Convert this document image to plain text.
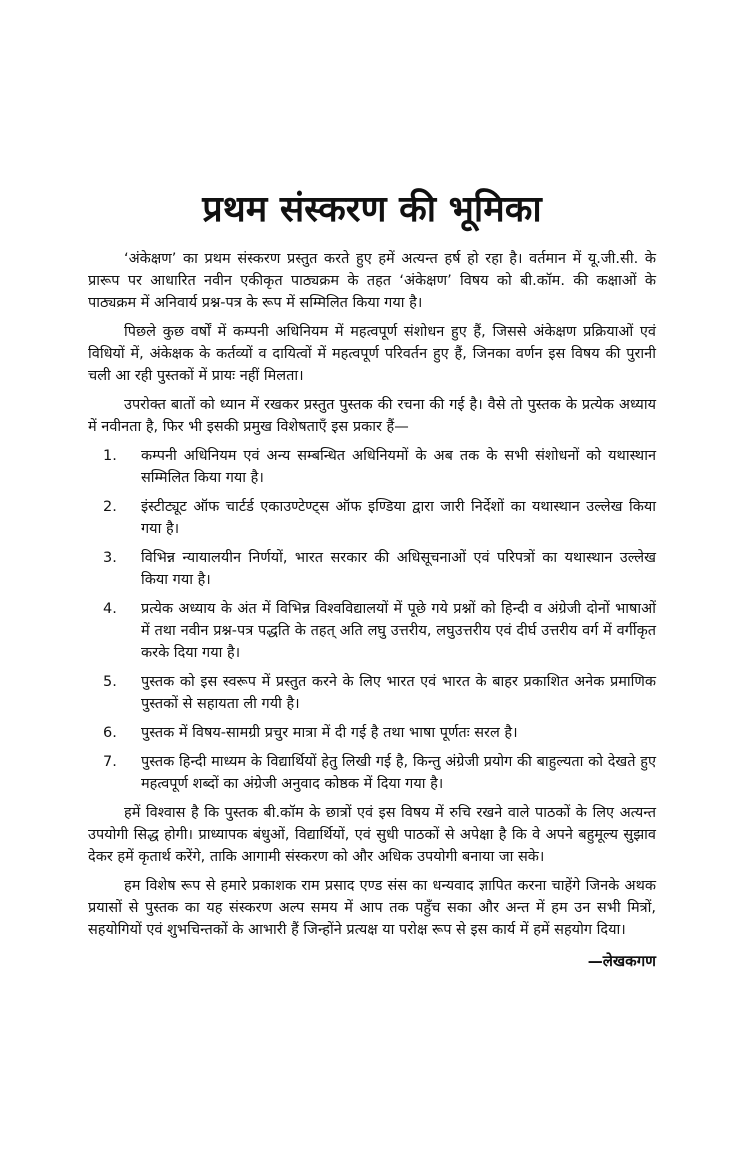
प्रथम संस्करण की भूमिका

‘अंकेक्षण’ का प्रथम संस्करण प्रस्तुत करते हुए हमें अत्यन्त हर्ष हो रहा है। वर्तमान में यू.जी.सी. के प्रारूप पर आधारित नवीन एकीकृत पाठ्यक्रम के तहत ‘अंकेक्षण’ विषय को बी.कॉम. की कक्षाओं के पाठ्यक्रम में अनिवार्य प्रश्न-पत्र के रूप में सम्मिलित किया गया है।

पिछले कुछ वर्षों में कम्पनी अधिनियम में महत्वपूर्ण संशोधन हुए हैं, जिससे अंकेक्षण प्रक्रियाओं एवं विधियों में, अंकेक्षक के कर्तव्यों व दायित्वों में महत्वपूर्ण परिवर्तन हुए हैं, जिनका वर्णन इस विषय की पुरानी चली आ रही पुस्तकों में प्रायः नहीं मिलता।

उपरोक्त बातों को ध्यान में रखकर प्रस्तुत पुस्तक की रचना की गई है। वैसे तो पुस्तक के प्रत्येक अध्याय में नवीनता है, फिर भी इसकी प्रमुख विशेषताएँ इस प्रकार हैं—

1.	कम्पनी अधिनियम एवं अन्य सम्बन्धित अधिनियमों के अब तक के सभी संशोधनों को यथास्थान सम्मिलित किया गया है।
2.	इंस्टीट्यूट ऑफ चार्टर्ड एकाउण्टेण्ट्स ऑफ इण्डिया द्वारा जारी निर्देशों का यथास्थान उल्लेख किया गया है।
3.	विभिन्न न्यायालयीन निर्णयों, भारत सरकार की अधिसूचनाओं एवं परिपत्रों का यथास्थान उल्लेख किया गया है।
4.	प्रत्येक अध्याय के अंत में विभिन्न विश्वविद्यालयों में पूछे गये प्रश्नों को हिन्दी व अंग्रेजी दोनों भाषाओं में तथा नवीन प्रश्न-पत्र पद्धति के तहत् अति लघु उत्तरीय, लघुउत्तरीय एवं दीर्घ उत्तरीय वर्ग में वर्गीकृत करके दिया गया है।
5.	पुस्तक को इस स्वरूप में प्रस्तुत करने के लिए भारत एवं भारत के बाहर प्रकाशित अनेक प्रमाणिक पुस्तकों से सहायता ली गयी है।
6.	पुस्तक में विषय-सामग्री प्रचुर मात्रा में दी गई है तथा भाषा पूर्णतः सरल है।
7.	पुस्तक हिन्दी माध्यम के विद्यार्थियों हेतु लिखी गई है, किन्तु अंग्रेजी प्रयोग की बाहुल्यता को देखते हुए महत्वपूर्ण शब्दों का अंग्रेजी अनुवाद कोष्ठक में दिया गया है।

हमें विश्वास है कि पुस्तक बी.कॉम के छात्रों एवं इस विषय में रुचि रखने वाले पाठकों के लिए अत्यन्त उपयोगी सिद्ध होगी। प्राध्यापक बंधुओं, विद्यार्थियों, एवं सुधी पाठकों से अपेक्षा है कि वे अपने बहुमूल्य सुझाव देकर हमें कृतार्थ करेंगे, ताकि आगामी संस्करण को और अधिक उपयोगी बनाया जा सके।

हम विशेष रूप से हमारे प्रकाशक राम प्रसाद एण्ड संस का धन्यवाद ज्ञापित करना चाहेंगे जिनके अथक प्रयासों से पुस्तक का यह संस्करण अल्प समय में आप तक पहुँच सका और अन्त में हम उन सभी मित्रों, सहयोगियों एवं शुभचिन्तकों के आभारी हैं जिन्होंने प्रत्यक्ष या परोक्ष रूप से इस कार्य में हमें सहयोग दिया।

—लेखकगण
